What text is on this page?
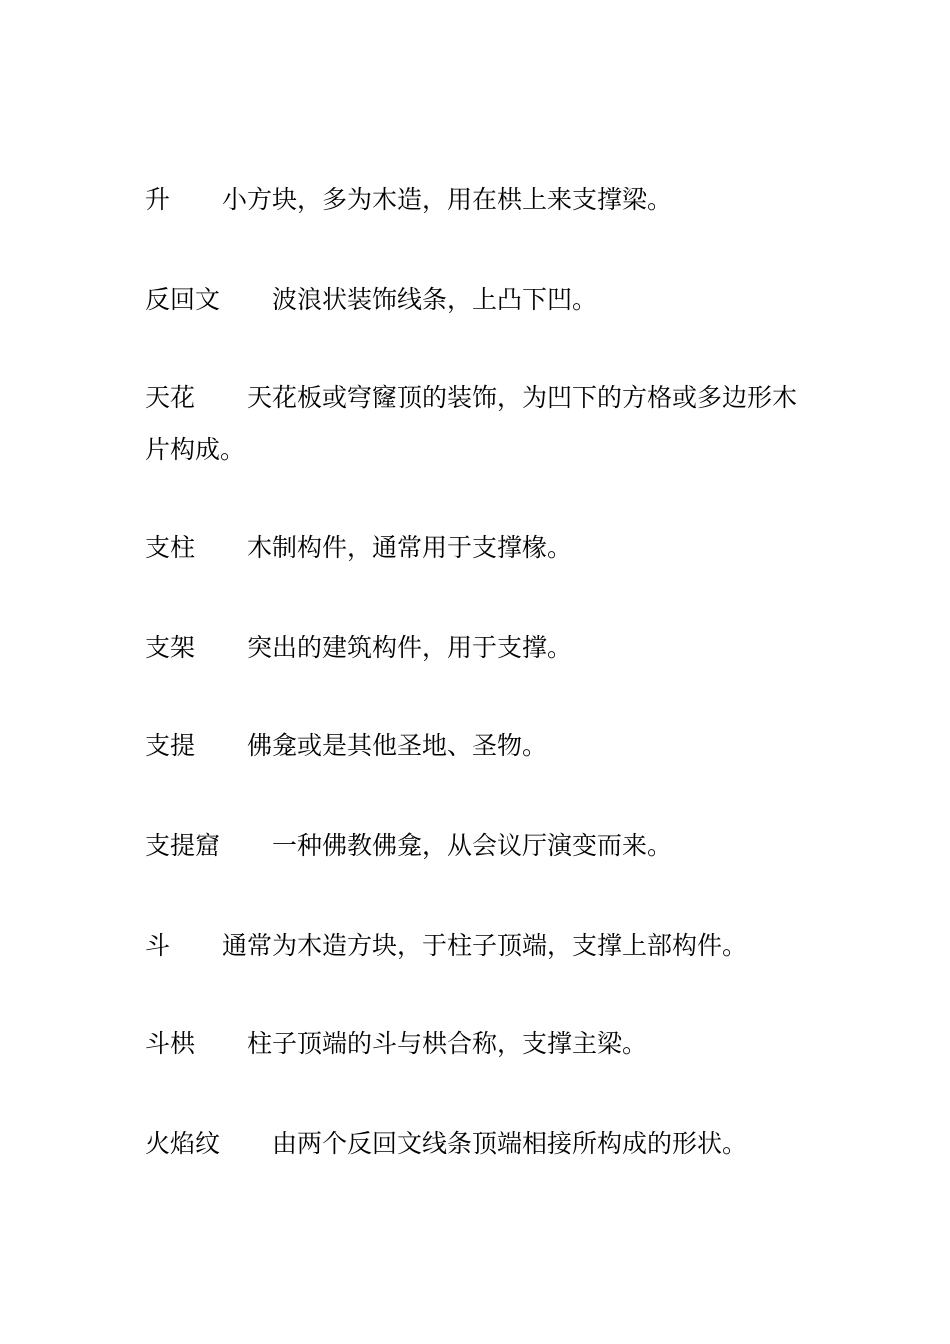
升 小方块，多为木造，用在栱上来支撑梁。
反回文 波浪状装饰线条，上凸下凹。
天花 天花板或穹窿顶的装饰，为凹下的方格或多边形木片构成。
支柱 木制构件，通常用于支撑椽。
支架 突出的建筑构件，用于支撑。
支提 佛龛或是其他圣地、圣物。
支提窟 一种佛教佛龛，从会议厅演变而来。
斗 通常为木造方块，于柱子顶端，支撑上部构件。
斗栱 柱子顶端的斗与栱合称，支撑主梁。
火焰纹 由两个反回文线条顶端相接所构成的形状。
